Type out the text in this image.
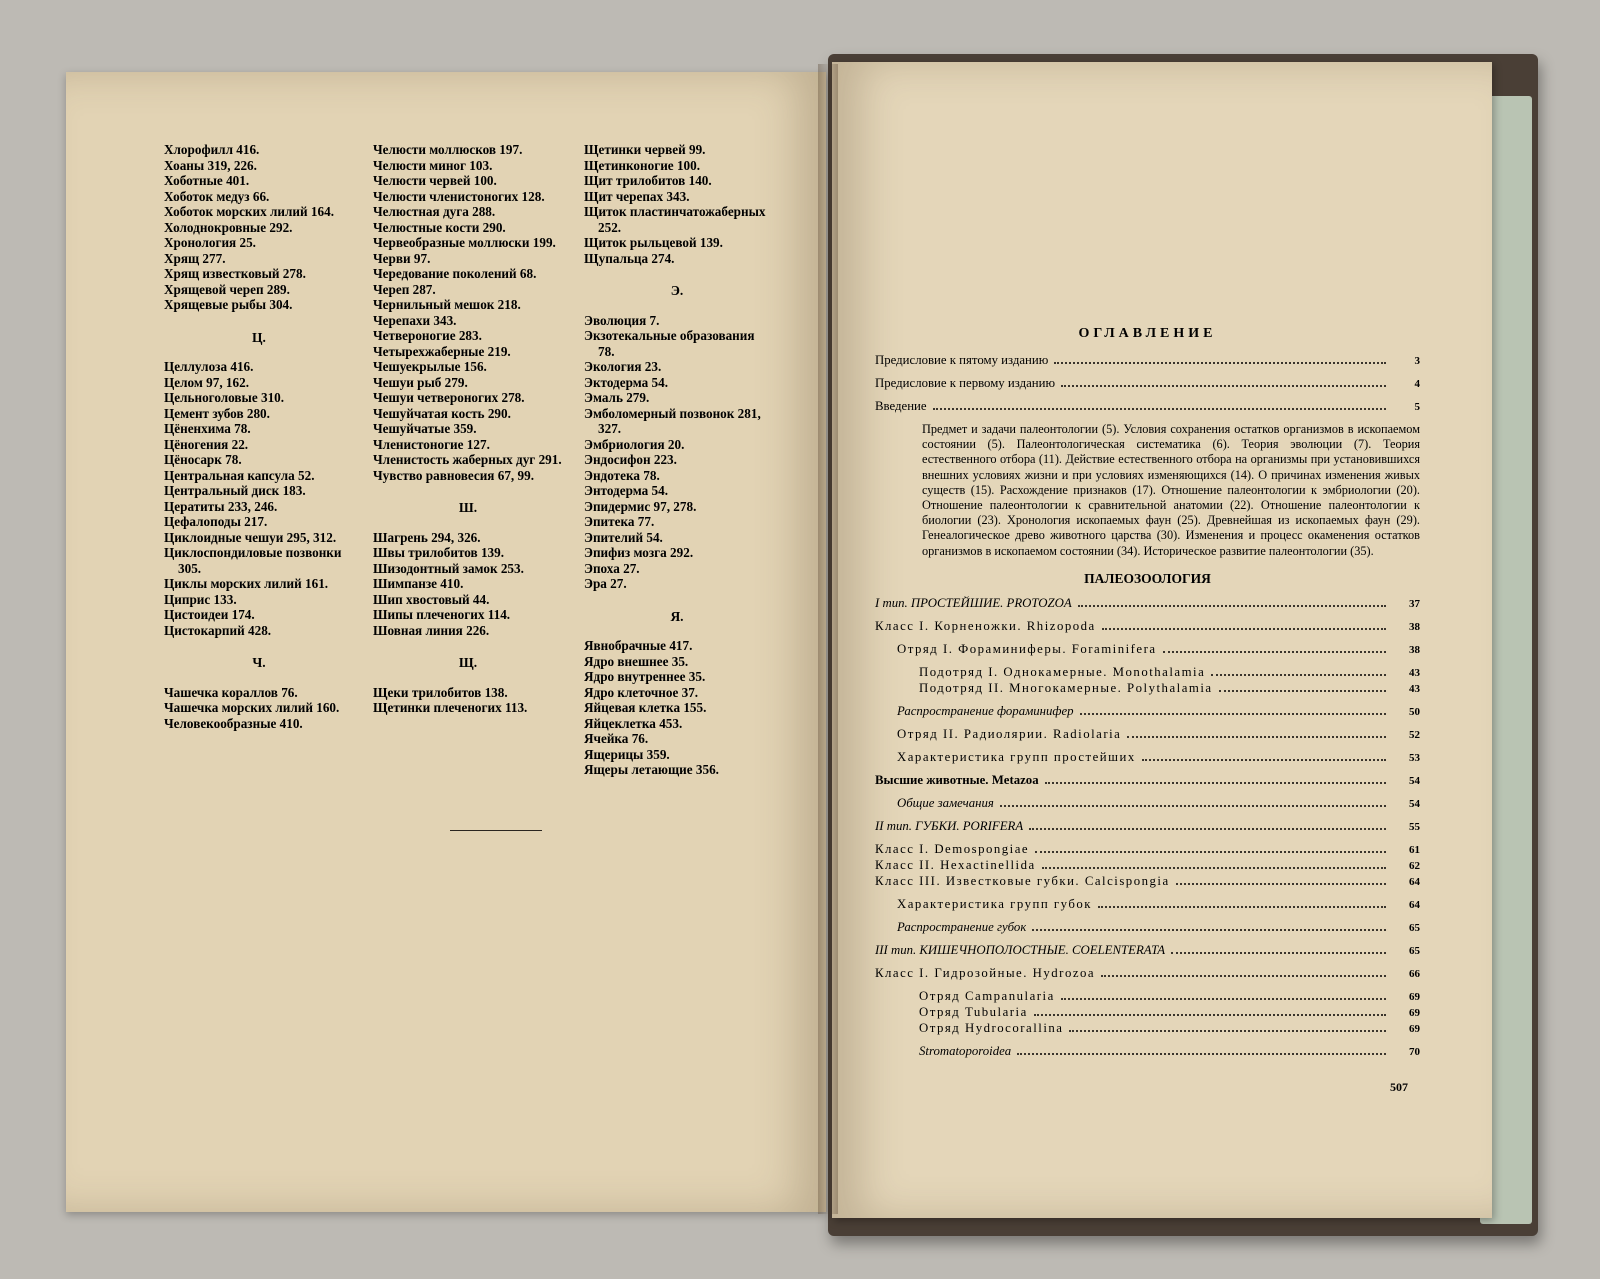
Хлорофилл 416.
Хоаны 319, 226.
Хоботные 401.
Хоботок медуз 66.
Хоботок морских лилий 164.
Холоднокровные 292.
Хронология 25.
Хрящ 277.
Хрящ известковый 278.
Хрящевой череп 289.
Хрящевые рыбы 304.
Ц.
Целлулоза 416.
Целом 97, 162.
Цельноголовые 310.
Цемент зубов 280.
Цёненхима 78.
Цёногения 22.
Цёносарк 78.
Центральная капсула 52.
Центральный диск 183.
Цератиты 233, 246.
Цефалоподы 217.
Циклоидные чешуи 295, 312.
Циклоспондиловые позвонки 305.
Циклы морских лилий 161.
Циприс 133.
Цистоидеи 174.
Цистокарпий 428.
Ч.
Чашечка кораллов 76.
Чашечка морских лилий 160.
Человекообразные 410.
Челюсти моллюсков 197.
Челюсти миног 103.
Челюсти червей 100.
Челюсти членистоногих 128.
Челюстная дуга 288.
Челюстные кости 290.
Червеобразные моллюски 199.
Черви 97.
Чередование поколений 68.
Череп 287.
Чернильный мешок 218.
Черепахи 343.
Четвероногие 283.
Четырехжаберные 219.
Чешуекрылые 156.
Чешуи рыб 279.
Чешуи четвероногих 278.
Чешуйчатая кость 290.
Чешуйчатые 359.
Членистоногие 127.
Членистость жаберных дуг 291.
Чувство равновесия 67, 99.
Ш.
Шагрень 294, 326.
Швы трилобитов 139.
Шизодонтный замок 253.
Шимпанзе 410.
Шип хвостовый 44.
Шипы плеченогих 114.
Шовная линия 226.
Щ.
Щеки трилобитов 138.
Щетинки плеченогих 113.
Щетинки червей 99.
Щетинконогие 100.
Щит трилобитов 140.
Щит черепах 343.
Щиток пластинчатожаберных 252.
Щиток рыльцевой 139.
Щупальца 274.
Э.
Эволюция 7.
Экзотекальные образования 78.
Экология 23.
Эктодерма 54.
Эмаль 279.
Эмболомерный позвонок 281, 327.
Эмбриология 20.
Эндосифон 223.
Эндотека 78.
Энтодерма 54.
Эпидермис 97, 278.
Эпитека 77.
Эпителий 54.
Эпифиз мозга 292.
Эпоха 27.
Эра 27.
Я.
Явнобрачные 417.
Ядро внешнее 35.
Ядро внутреннее 35.
Ядро клеточное 37.
Яйцевая клетка 155.
Яйцеклетка 453.
Ячейка 76.
Ящерицы 359.
Ящеры летающие 356.
ОГЛАВЛЕНИЕ
Предисловие к пятому изданию	3
Предисловие к первому изданию	4
Введение	5
Предмет и задачи палеонтологии (5). Условия сохранения остатков организмов в ископаемом состоянии (5). Палеонтологическая систематика (6). Теория эволюции (7). Теория естественного отбора (11). Действие естественного отбора на организмы при установившихся внешних условиях жизни и при условиях изменяющихся (14). О причинах изменения живых существ (15). Расхождение признаков (17). Отношение палеонтологии к эмбриологии (20). Отношение палеонтологии к сравнительной анатомии (22). Отношение палеонтологии к биологии (23). Хронология ископаемых фаун (25). Древнейшая из ископаемых фаун (29). Генеалогическое древо животного царства (30). Изменения и процесс окаменения остатков организмов в ископаемом состоянии (34). Историческое развитие палеонтологии (35).
ПАЛЕОЗООЛОГИЯ
I тип. ПРОСТЕЙШИЕ. PROTOZOA	37
Класс I. Корненожки. Rhizopoda	38
Отряд I. Фораминиферы. Foraminifera	38
Подотряд I. Однокамерные. Monothalamia	43
Подотряд II. Многокамерные. Polythalamia	43
Распространение фораминифер	50
Отряд II. Радиолярии. Radiolaria	52
Характеристика групп простейших	53
Высшие животные. Metazoa	54
Общие замечания	54
II тип. ГУБКИ. PORIFERA	55
Класс I. Demospongiae	61
Класс II. Hexactinellida	62
Класс III. Известковые губки. Calcispongia	64
Характеристика групп губок	64
Распространение губок	65
III тип. КИШЕЧНОПОЛОСТНЫЕ. COELENTERATA	65
Класс I. Гидрозойные. Hydrozoa	66
Отряд Campanularia	69
Отряд Tubularia	69
Отряд Hydrocorallina	69
Stromatoporoidea	70
507
